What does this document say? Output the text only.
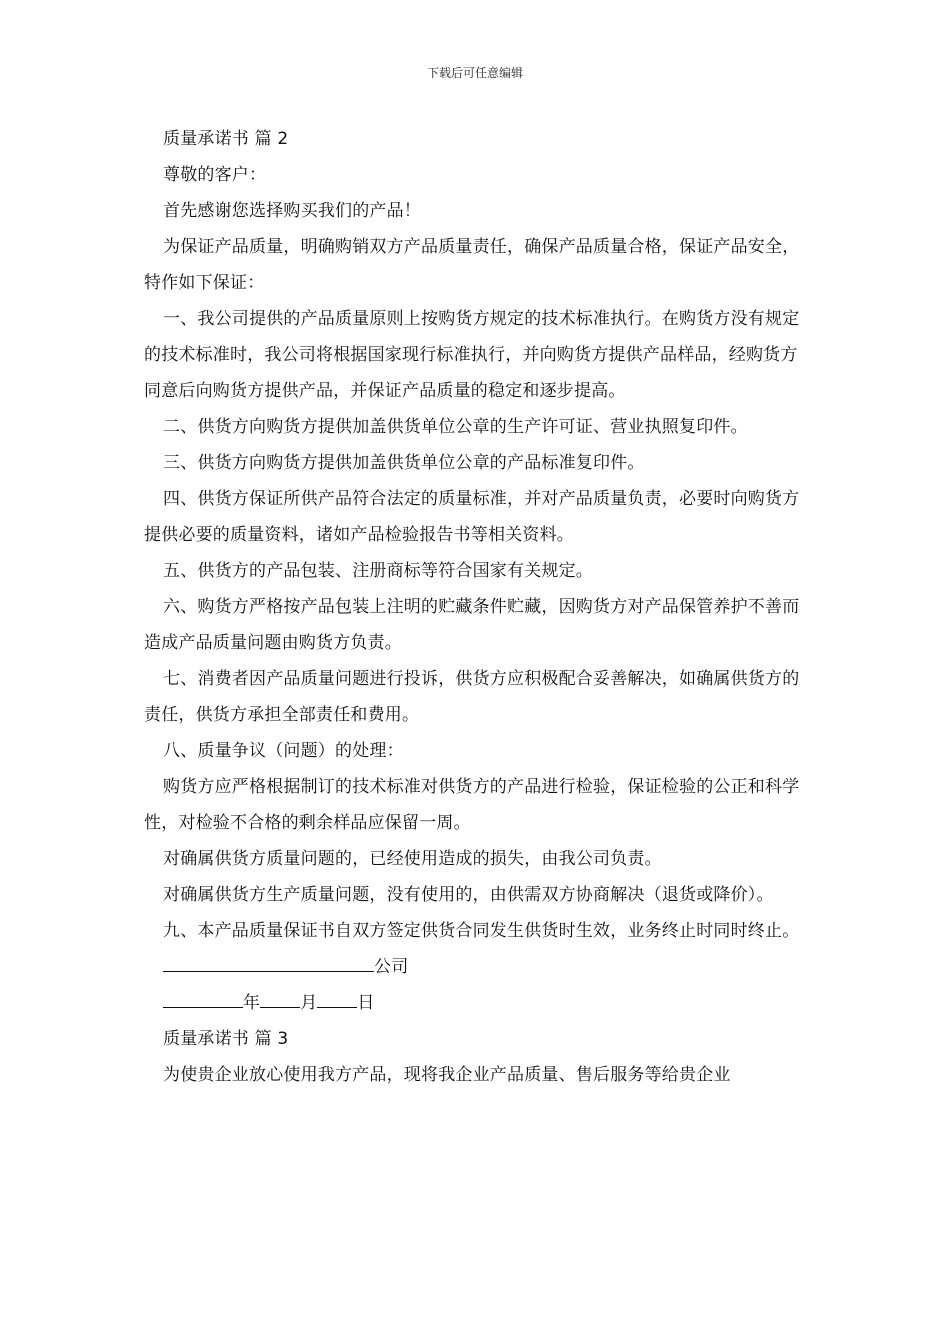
下载后可任意编辑

质量承诺书 篇 2

尊敬的客户：

首先感谢您选择购买我们的产品！

为保证产品质量，明确购销双方产品质量责任，确保产品质量合格，保证产品安全，特作如下保证：

一、我公司提供的产品质量原则上按购货方规定的技术标准执行。在购货方没有规定的技术标准时，我公司将根据国家现行标准执行，并向购货方提供产品样品，经购货方同意后向购货方提供产品，并保证产品质量的稳定和逐步提高。

二、供货方向购货方提供加盖供货单位公章的生产许可证、营业执照复印件。

三、供货方向购货方提供加盖供货单位公章的产品标准复印件。

四、供货方保证所供产品符合法定的质量标准，并对产品质量负责，必要时向购货方提供必要的质量资料，诸如产品检验报告书等相关资料。

五、供货方的产品包装、注册商标等符合国家有关规定。

六、购货方严格按产品包装上注明的贮藏条件贮藏，因购货方对产品保管养护不善而造成产品质量问题由购货方负责。

七、消费者因产品质量问题进行投诉，供货方应积极配合妥善解决，如确属供货方的责任，供货方承担全部责任和费用。

八、质量争议（问题）的处理：

购货方应严格根据制订的技术标准对供货方的产品进行检验，保证检验的公正和科学性，对检验不合格的剩余样品应保留一周。

对确属供货方质量问题的，已经使用造成的损失，由我公司负责。

对确属供货方生产质量问题，没有使用的，由供需双方协商解决（退货或降价）。

九、本产品质量保证书自双方签定供货合同发生供货时生效，业务终止时同时终止。

公司

年 月 日

质量承诺书 篇 3

为使贵企业放心使用我方产品，现将我企业产品质量、售后服务等给贵企业
